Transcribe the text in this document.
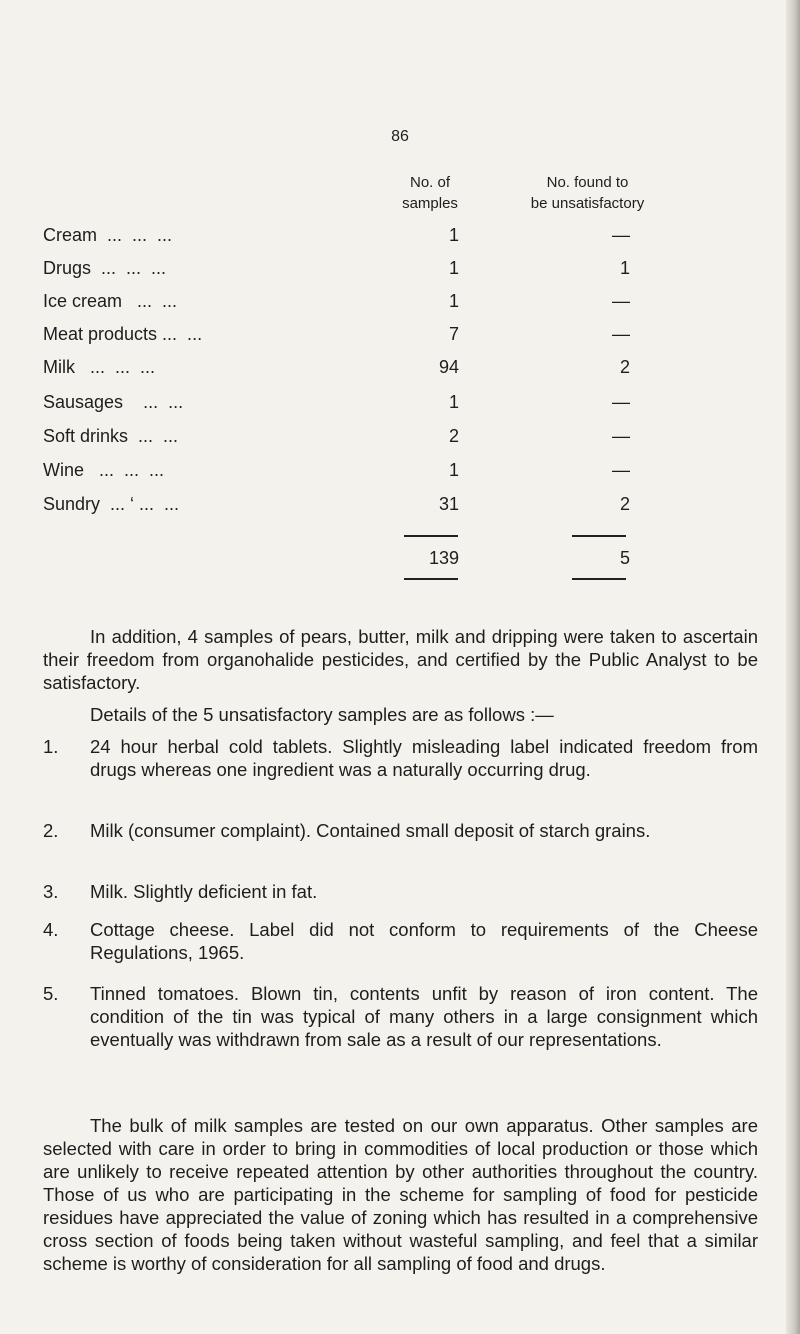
86
No. of
samples
No. found to
be unsatisfactory
Cream  ...  ...  ...	1	—
Drugs  ...  ...  ...	1	1
Ice cream   ...  ...	1	—
Meat products ...  ...	7	—
Milk   ...  ...  ...	94	2
Sausages    ...  ...	1	—
Soft drinks  ...  ...	2	—
Wine   ...  ...  ...	1	—
Sundry  ... ‘ ...  ...	31	2
139	5
In addition, 4 samples of pears, butter, milk and dripping were taken to ascertain their freedom from organohalide pesticides, and certified by the Public Analyst to be satisfactory.
Details of the 5 unsatisfactory samples are as follows :—
1.	24 hour herbal cold tablets. Slightly misleading label indicated freedom from drugs whereas one ingredient was a naturally occurring drug.
2.	Milk (consumer complaint). Contained small deposit of starch grains.
3.	Milk. Slightly deficient in fat.
4.	Cottage cheese. Label did not conform to requirements of the Cheese Regulations, 1965.
5.	Tinned tomatoes. Blown tin, contents unfit by reason of iron content. The condition of the tin was typical of many others in a large consignment which eventually was withdrawn from sale as a result of our representations.
The bulk of milk samples are tested on our own apparatus. Other samples are selected with care in order to bring in commodities of local production or those which are unlikely to receive repeated attention by other authorities throughout the country. Those of us who are participating in the scheme for sampling of food for pesticide residues have appreciated the value of zoning which has resulted in a comprehensive cross section of foods being taken without wasteful sampling, and feel that a similar scheme is worthy of consideration for all sampling of food and drugs.
